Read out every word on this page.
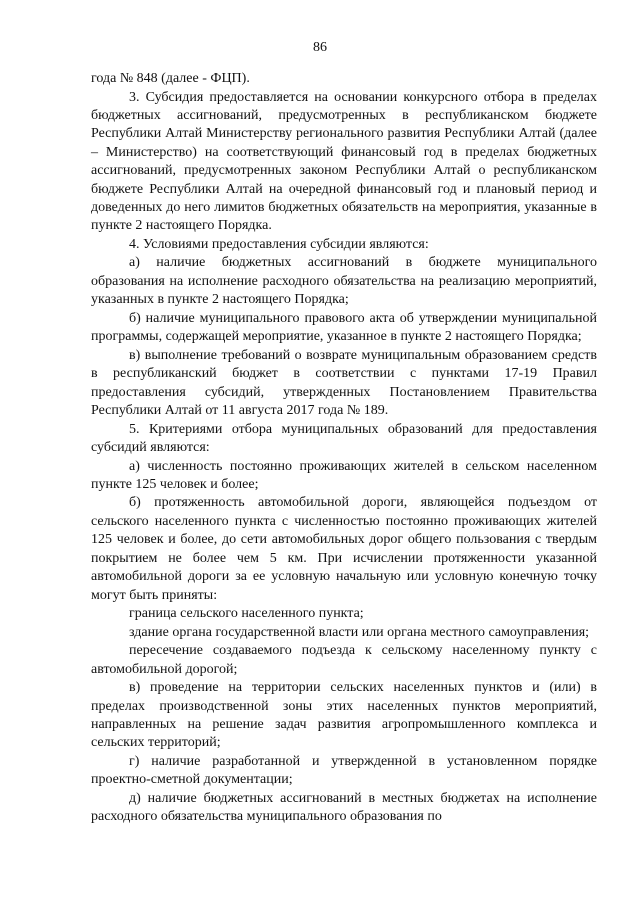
86

года № 848 (далее - ФЦП).

3. Субсидия предоставляется на основании конкурсного отбора в пределах бюджетных ассигнований, предусмотренных в республиканском бюджете Республики Алтай Министерству регионального развития Республики Алтай (далее – Министерство) на соответствующий финансовый год в пределах бюджетных ассигнований, предусмотренных законом Республики Алтай о республиканском бюджете Республики Алтай на очередной финансовый год и плановый период и доведенных до него лимитов бюджетных обязательств на мероприятия, указанные в пункте 2 настоящего Порядка.

4. Условиями предоставления субсидии являются:

а) наличие бюджетных ассигнований в бюджете муниципального образования на исполнение расходного обязательства на реализацию мероприятий, указанных в пункте 2 настоящего Порядка;

б) наличие муниципального правового акта об утверждении муниципальной программы, содержащей мероприятие, указанное в пункте 2 настоящего Порядка;

в) выполнение требований о возврате муниципальным образованием средств в республиканский бюджет в соответствии с пунктами 17-19 Правил предоставления субсидий, утвержденных Постановлением Правительства Республики Алтай от 11 августа 2017 года № 189.

5. Критериями отбора муниципальных образований для предоставления субсидий являются:

а) численность постоянно проживающих жителей в сельском населенном пункте 125 человек и более;

б) протяженность автомобильной дороги, являющейся подъездом от сельского населенного пункта с численностью постоянно проживающих жителей 125 человек и более, до сети автомобильных дорог общего пользования с твердым покрытием не более чем 5 км. При исчислении протяженности указанной автомобильной дороги за ее условную начальную или условную конечную точку могут быть приняты:

граница сельского населенного пункта;

здание органа государственной власти или органа местного самоуправления;

пересечение создаваемого подъезда к сельскому населенному пункту с автомобильной дорогой;

в) проведение на территории сельских населенных пунктов и (или) в пределах производственной зоны этих населенных пунктов мероприятий, направленных на решение задач развития агропромышленного комплекса и сельских территорий;

г) наличие разработанной и утвержденной в установленном порядке проектно-сметной документации;

д) наличие бюджетных ассигнований в местных бюджетах на исполнение расходного обязательства муниципального образования по
